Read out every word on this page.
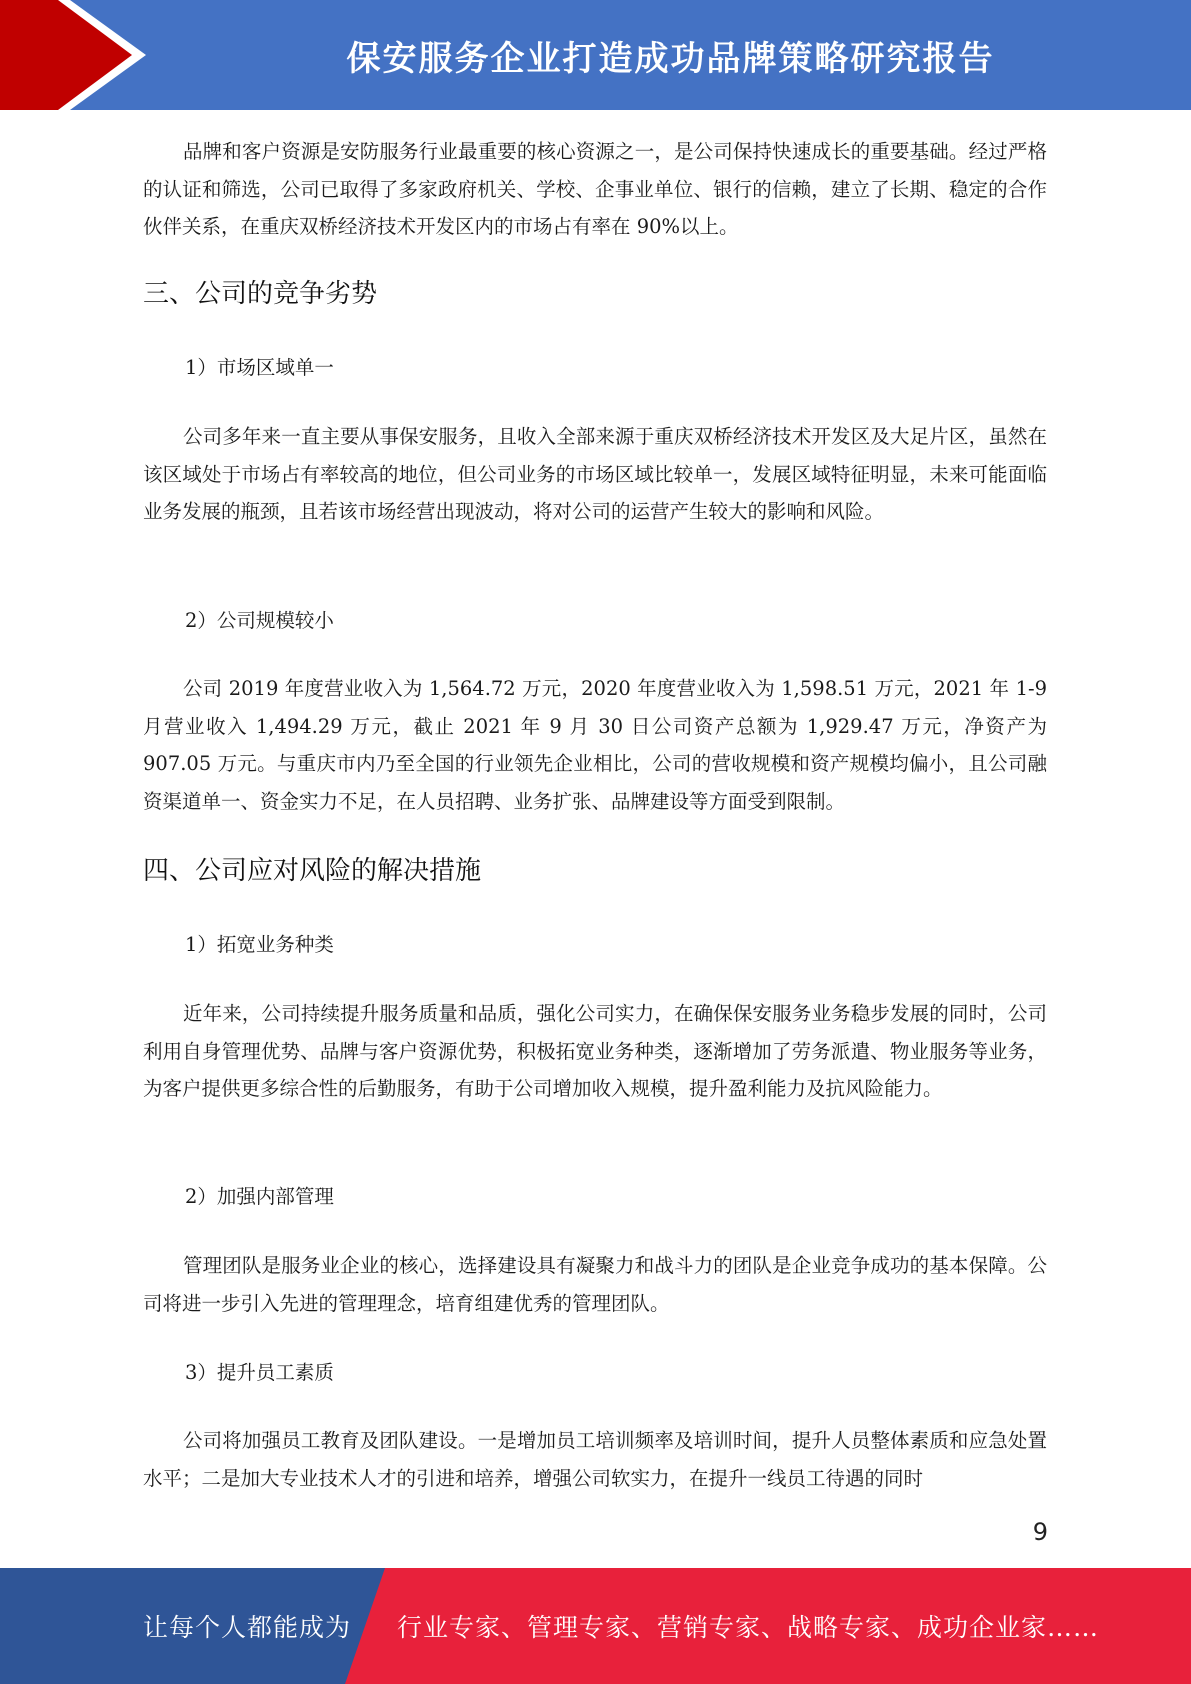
保安服务企业打造成功品牌策略研究报告

品牌和客户资源是安防服务行业最重要的核心资源之一，是公司保持快速成长的重要基础。经过严格的认证和筛选，公司已取得了多家政府机关、学校、企事业单位、银行的信赖，建立了长期、稳定的合作伙伴关系，在重庆双桥经济技术开发区内的市场占有率在 90%以上。

三、公司的竞争劣势
1）市场区域单一

公司多年来一直主要从事保安服务，且收入全部来源于重庆双桥经济技术开发区及大足片区，虽然在该区域处于市场占有率较高的地位，但公司业务的市场区域比较单一，发展区域特征明显，未来可能面临业务发展的瓶颈，且若该市场经营出现波动，将对公司的运营产生较大的影响和风险。

2）公司规模较小

公司 2019 年度营业收入为 1,564.72 万元，2020 年度营业收入为 1,598.51 万元，2021 年 1-9 月营业收入 1,494.29 万元，截止 2021 年 9 月 30 日公司资产总额为 1,929.47 万元，净资产为 907.05 万元。与重庆市内乃至全国的行业领先企业相比，公司的营收规模和资产规模均偏小，且公司融资渠道单一、资金实力不足，在人员招聘、业务扩张、品牌建设等方面受到限制。

四、公司应对风险的解决措施
1）拓宽业务种类

近年来，公司持续提升服务质量和品质，强化公司实力，在确保保安服务业务稳步发展的同时，公司利用自身管理优势、品牌与客户资源优势，积极拓宽业务种类，逐渐增加了劳务派遣、物业服务等业务，为客户提供更多综合性的后勤服务，有助于公司增加收入规模，提升盈利能力及抗风险能力。

2）加强内部管理

管理团队是服务业企业的核心，选择建设具有凝聚力和战斗力的团队是企业竞争成功的基本保障。公司将进一步引入先进的管理理念，培育组建优秀的管理团队。

3）提升员工素质

公司将加强员工教育及团队建设。一是增加员工培训频率及培训时间，提升人员整体素质和应急处置水平；二是加大专业技术人才的引进和培养，增强公司软实力，在提升一线员工待遇的同时

9
让每个人都能成为 行业专家、管理专家、营销专家、战略专家、成功企业家……
